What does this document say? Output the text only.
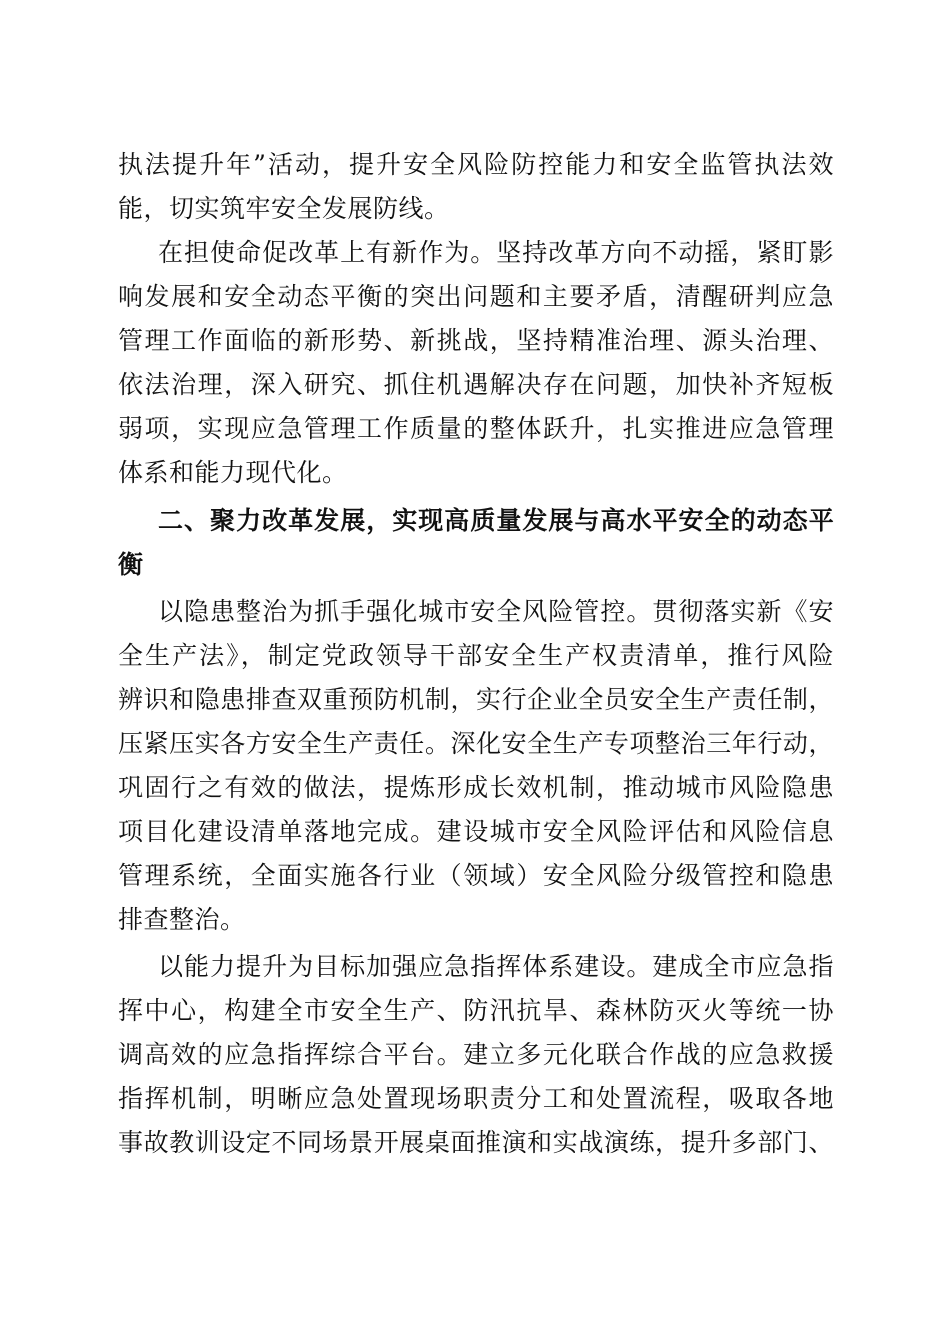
执法提升年”活动，提升安全风险防控能力和安全监管执法效
能，切实筑牢安全发展防线。
在担使命促改革上有新作为。坚持改革方向不动摇，紧盯影
响发展和安全动态平衡的突出问题和主要矛盾，清醒研判应急
管理工作面临的新形势、新挑战，坚持精准治理、源头治理、
依法治理，深入研究、抓住机遇解决存在问题，加快补齐短板
弱项，实现应急管理工作质量的整体跃升，扎实推进应急管理
体系和能力现代化。
二、聚力改革发展，实现高质量发展与高水平安全的动态平
衡
以隐患整治为抓手强化城市安全风险管控。贯彻落实新《安
全生产法》，制定党政领导干部安全生产权责清单，推行风险
辨识和隐患排查双重预防机制，实行企业全员安全生产责任制，
压紧压实各方安全生产责任。深化安全生产专项整治三年行动，
巩固行之有效的做法，提炼形成长效机制，推动城市风险隐患
项目化建设清单落地完成。建设城市安全风险评估和风险信息
管理系统，全面实施各行业（领域）安全风险分级管控和隐患
排查整治。
以能力提升为目标加强应急指挥体系建设。建成全市应急指
挥中心，构建全市安全生产、防汛抗旱、森林防灭火等统一协
调高效的应急指挥综合平台。建立多元化联合作战的应急救援
指挥机制，明晰应急处置现场职责分工和处置流程，吸取各地
事故教训设定不同场景开展桌面推演和实战演练，提升多部门、
